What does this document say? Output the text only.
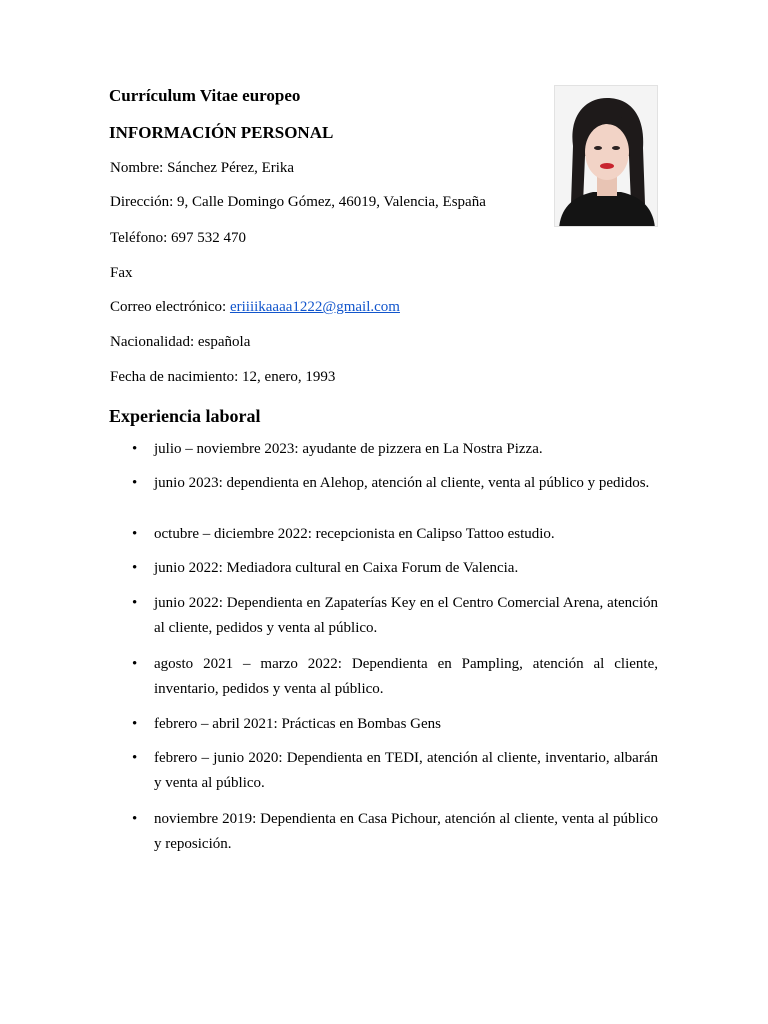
Currículum Vitae europeo
INFORMACIÓN PERSONAL

Nombre: Sánchez Pérez, Erika

Dirección: 9, Calle Domingo Gómez, 46019, Valencia, España

Teléfono: 697 532 470

Fax

Correo electrónico: eriiiikaaaa1222@gmail.com

Nacionalidad: española

Fecha de nacimiento: 12, enero, 1993

Experiencia laboral
•	julio – noviembre 2023: ayudante de pizzera en La Nostra Pizza.
•	junio 2023: dependienta en Alehop, atención al cliente, venta al público y pedidos.
•	octubre – diciembre 2022: recepcionista en Calipso Tattoo estudio.
•	junio 2022: Mediadora cultural en Caixa Forum de Valencia.
•	junio 2022: Dependienta en Zapaterías Key en el Centro Comercial Arena, atención al cliente, pedidos y venta al público.
•	agosto 2021 – marzo 2022: Dependienta en Pampling, atención al cliente, inventario, pedidos y venta al público.
•	febrero – abril 2021: Prácticas en Bombas Gens
•	febrero – junio 2020: Dependienta en TEDI, atención al cliente, inventario, albarán y venta al público.
•	noviembre 2019: Dependienta en Casa Pichour, atención al cliente, venta al público y reposición.
